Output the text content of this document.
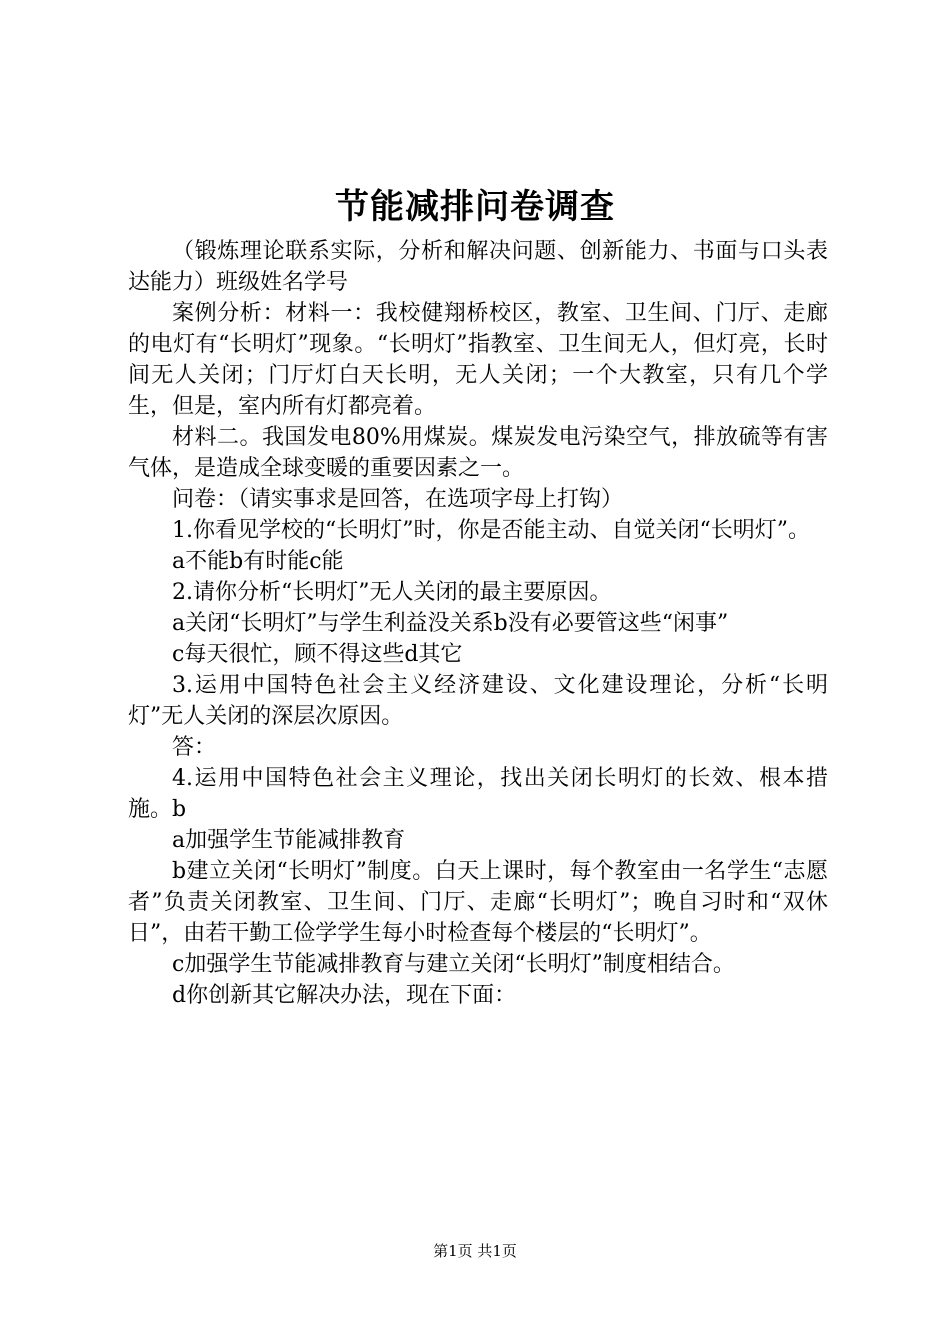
节能减排问卷调查

（锻炼理论联系实际，分析和解决问题、创新能力、书面与口头表达能力）班级姓名学号

案例分析：材料一：我校健翔桥校区，教室、卫生间、门厅、走廊的电灯有“长明灯”现象。“长明灯”指教室、卫生间无人，但灯亮，长时间无人关闭；门厅灯白天长明，无人关闭；一个大教室，只有几个学生，但是，室内所有灯都亮着。

材料二。我国发电80%用煤炭。煤炭发电污染空气，排放硫等有害气体，是造成全球变暖的重要因素之一。

问卷：（请实事求是回答，在选项字母上打钩）

1.你看见学校的“长明灯”时，你是否能主动、自觉关闭“长明灯”。

a不能b有时能c能

2.请你分析“长明灯”无人关闭的最主要原因。

a关闭“长明灯”与学生利益没关系b没有必要管这些“闲事”

c每天很忙，顾不得这些d其它

3.运用中国特色社会主义经济建设、文化建设理论，分析“长明灯”无人关闭的深层次原因。

答：

4.运用中国特色社会主义理论，找出关闭长明灯的长效、根本措施。b

a加强学生节能减排教育

b建立关闭“长明灯”制度。白天上课时，每个教室由一名学生“志愿者”负责关闭教室、卫生间、门厅、走廊“长明灯”；晚自习时和“双休日”，由若干勤工俭学学生每小时检查每个楼层的“长明灯”。

c加强学生节能减排教育与建立关闭“长明灯”制度相结合。

d你创新其它解决办法，现在下面：

第1页 共1页
